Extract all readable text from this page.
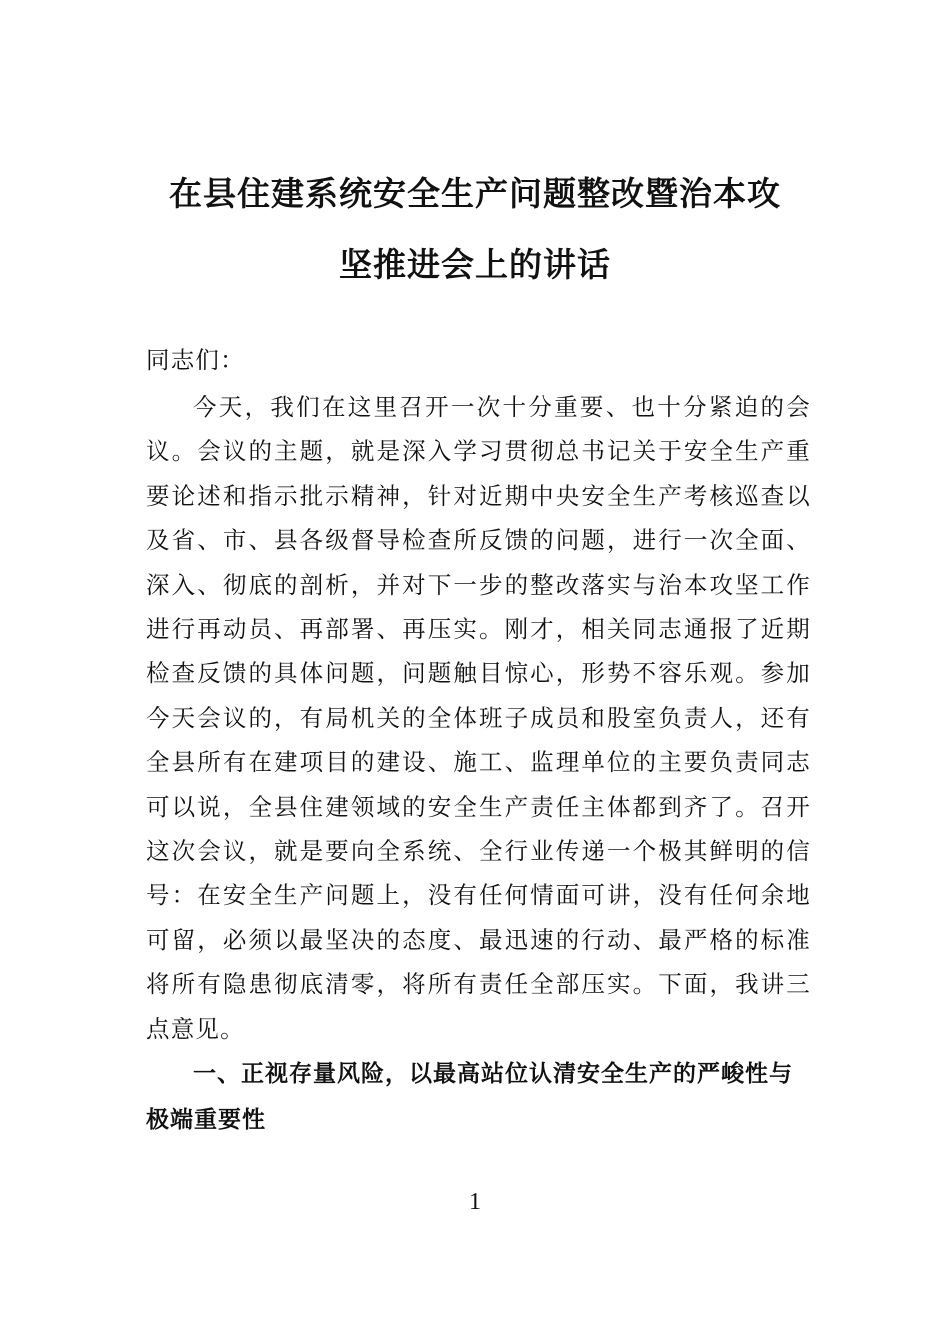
在县住建系统安全生产问题整改暨治本攻
坚推进会上的讲话

同志们：

今天，我们在这里召开一次十分重要、也十分紧迫的会议。会议的主题，就是深入学习贯彻总书记关于安全生产重要论述和指示批示精神，针对近期中央安全生产考核巡查以及省、市、县各级督导检查所反馈的问题，进行一次全面、深入、彻底的剖析，并对下一步的整改落实与治本攻坚工作进行再动员、再部署、再压实。刚才，相关同志通报了近期检查反馈的具体问题，问题触目惊心，形势不容乐观。参加今天会议的，有局机关的全体班子成员和股室负责人，还有全县所有在建项目的建设、施工、监理单位的主要负责同志可以说，全县住建领域的安全生产责任主体都到齐了。召开这次会议，就是要向全系统、全行业传递一个极其鲜明的信号：在安全生产问题上，没有任何情面可讲，没有任何余地可留，必须以最坚决的态度、最迅速的行动、最严格的标准将所有隐患彻底清零，将所有责任全部压实。下面，我讲三点意见。

一、正视存量风险，以最高站位认清安全生产的严峻性与极端重要性
1
